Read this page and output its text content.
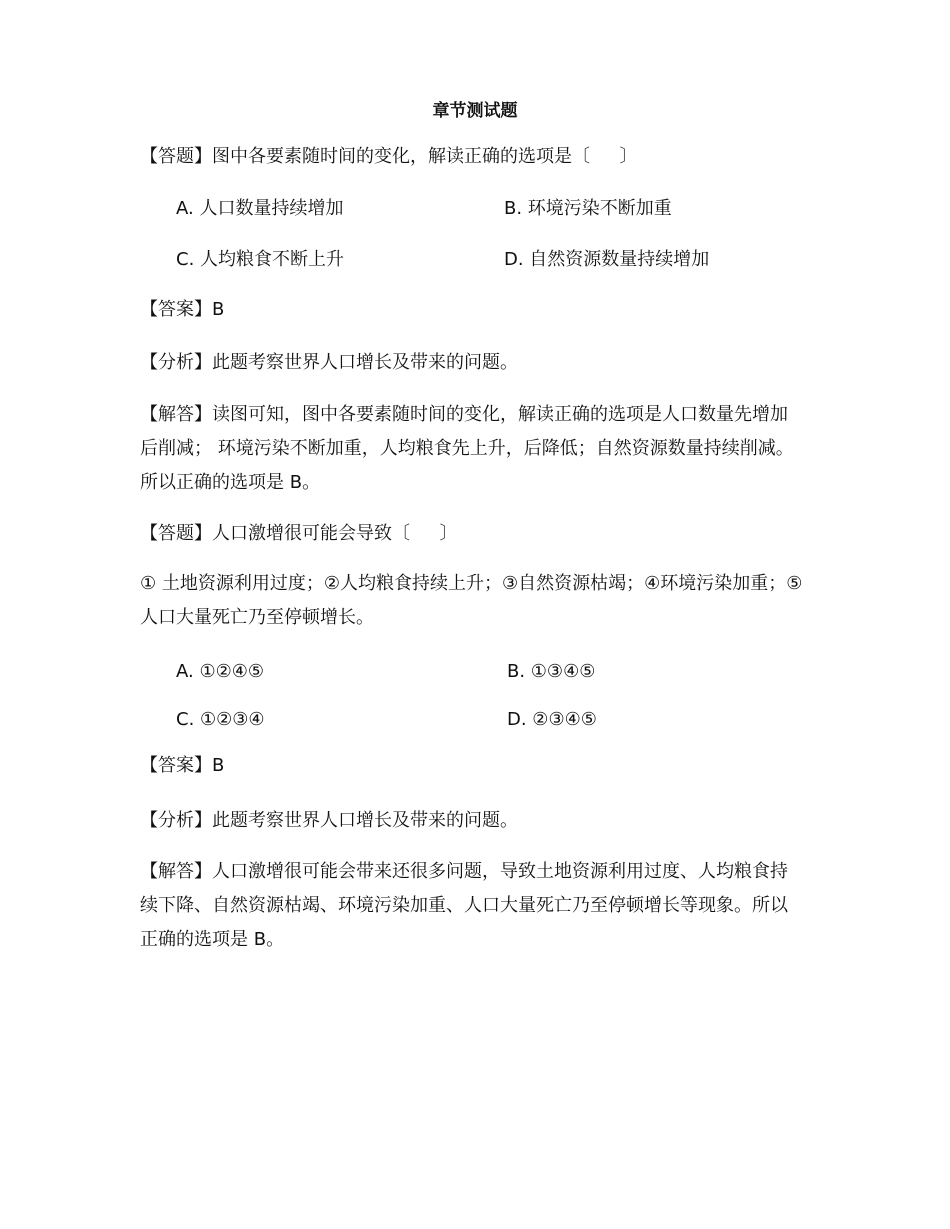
章节测试题
【答题】图中各要素随时间的变化，解读正确的选项是〔 　 〕
A. 人口数量持续增加	B. 环境污染不断加重
C. 人均粮食不断上升	D. 自然资源数量持续增加
【答案】B
【分析】此题考察世界人口增长及带来的问题。
【解答】读图可知，图中各要素随时间的变化，解读正确的选项是人口数量先增加后削减； 环境污染不断加重，人均粮食先上升，后降低；自然资源数量持续削减。所以正确的选项是 B。
【答题】人口激增很可能会导致〔 　 〕
① 土地资源利用过度；②人均粮食持续上升；③自然资源枯竭；④环境污染加重；⑤ 人口大量死亡乃至停顿增长。
A. ①②④⑤	B. ①③④⑤
C. ①②③④	D. ②③④⑤
【答案】B
【分析】此题考察世界人口增长及带来的问题。
【解答】人口激增很可能会带来还很多问题，导致土地资源利用过度、人均粮食持续下降、自然资源枯竭、环境污染加重、人口大量死亡乃至停顿增长等现象。所以正确的选项是 B。
